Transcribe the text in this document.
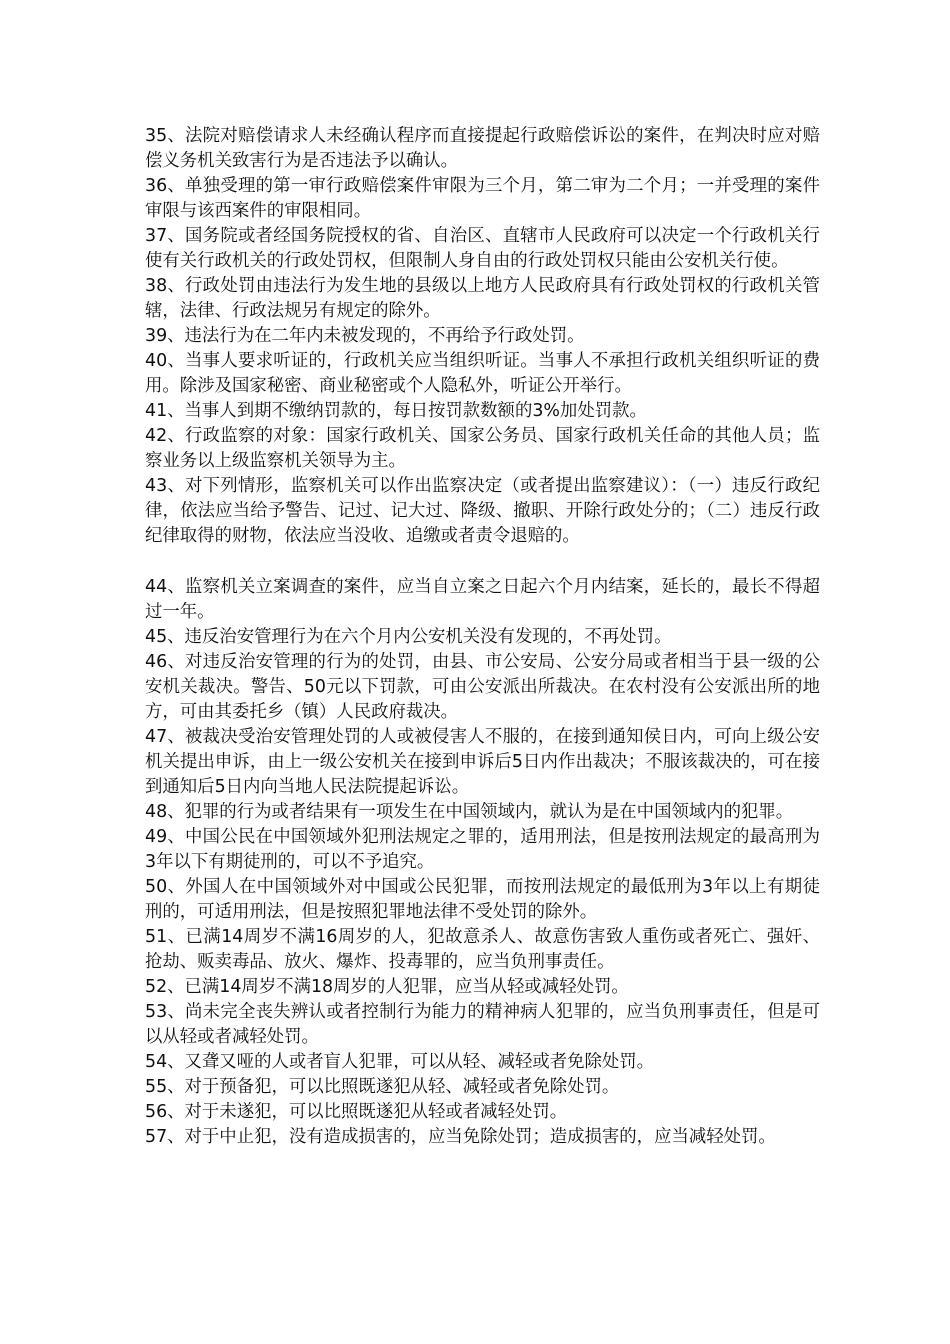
35、法院对赔偿请求人未经确认程序而直接提起行政赔偿诉讼的案件，在判决时应对赔偿义务机关致害行为是否违法予以确认。

36、单独受理的第一审行政赔偿案件审限为三个月，第二审为二个月；一并受理的案件审限与该西案件的审限相同。

37、国务院或者经国务院授权的省、自治区、直辖市人民政府可以决定一个行政机关行使有关行政机关的行政处罚权，但限制人身自由的行政处罚权只能由公安机关行使。

38、行政处罚由违法行为发生地的县级以上地方人民政府具有行政处罚权的行政机关管辖，法律、行政法规另有规定的除外。

39、违法行为在二年内未被发现的，不再给予行政处罚。

40、当事人要求听证的，行政机关应当组织听证。当事人不承担行政机关组织听证的费用。除涉及国家秘密、商业秘密或个人隐私外，听证公开举行。

41、当事人到期不缴纳罚款的，每日按罚款数额的3%加处罚款。

42、行政监察的对象：国家行政机关、国家公务员、国家行政机关任命的其他人员；监察业务以上级监察机关领导为主。

43、对下列情形，监察机关可以作出监察决定（或者提出监察建议）：（一）违反行政纪律，依法应当给予警告、记过、记大过、降级、撤职、开除行政处分的；（二）违反行政纪律取得的财物，依法应当没收、追缴或者责令退赔的。

44、监察机关立案调查的案件，应当自立案之日起六个月内结案，延长的，最长不得超过一年。

45、违反治安管理行为在六个月内公安机关没有发现的，不再处罚。

46、对违反治安管理的行为的处罚，由县、市公安局、公安分局或者相当于县一级的公安机关裁决。警告、50元以下罚款，可由公安派出所裁决。在农村没有公安派出所的地方，可由其委托乡（镇）人民政府裁决。

47、被裁决受治安管理处罚的人或被侵害人不服的，在接到通知侯日内，可向上级公安机关提出申诉，由上一级公安机关在接到申诉后5日内作出裁决；不服该裁决的，可在接到通知后5日内向当地人民法院提起诉讼。

48、犯罪的行为或者结果有一项发生在中国领域内，就认为是在中国领域内的犯罪。

49、中国公民在中国领域外犯刑法规定之罪的，适用刑法，但是按刑法规定的最高刑为3年以下有期徒刑的，可以不予追究。

50、外国人在中国领域外对中国或公民犯罪，而按刑法规定的最低刑为3年以上有期徒刑的，可适用刑法，但是按照犯罪地法律不受处罚的除外。

51、已满14周岁不满16周岁的人，犯故意杀人、故意伤害致人重伤或者死亡、强奸、抢劫、贩卖毒品、放火、爆炸、投毒罪的，应当负刑事责任。

52、已满14周岁不满18周岁的人犯罪，应当从轻或减轻处罚。

53、尚未完全丧失辨认或者控制行为能力的精神病人犯罪的，应当负刑事责任，但是可以从轻或者减轻处罚。

54、又聋又哑的人或者盲人犯罪，可以从轻、减轻或者免除处罚。

55、对于预备犯，可以比照既遂犯从轻、减轻或者免除处罚。

56、对于未遂犯，可以比照既遂犯从轻或者减轻处罚。

57、对于中止犯，没有造成损害的，应当免除处罚；造成损害的，应当减轻处罚。
